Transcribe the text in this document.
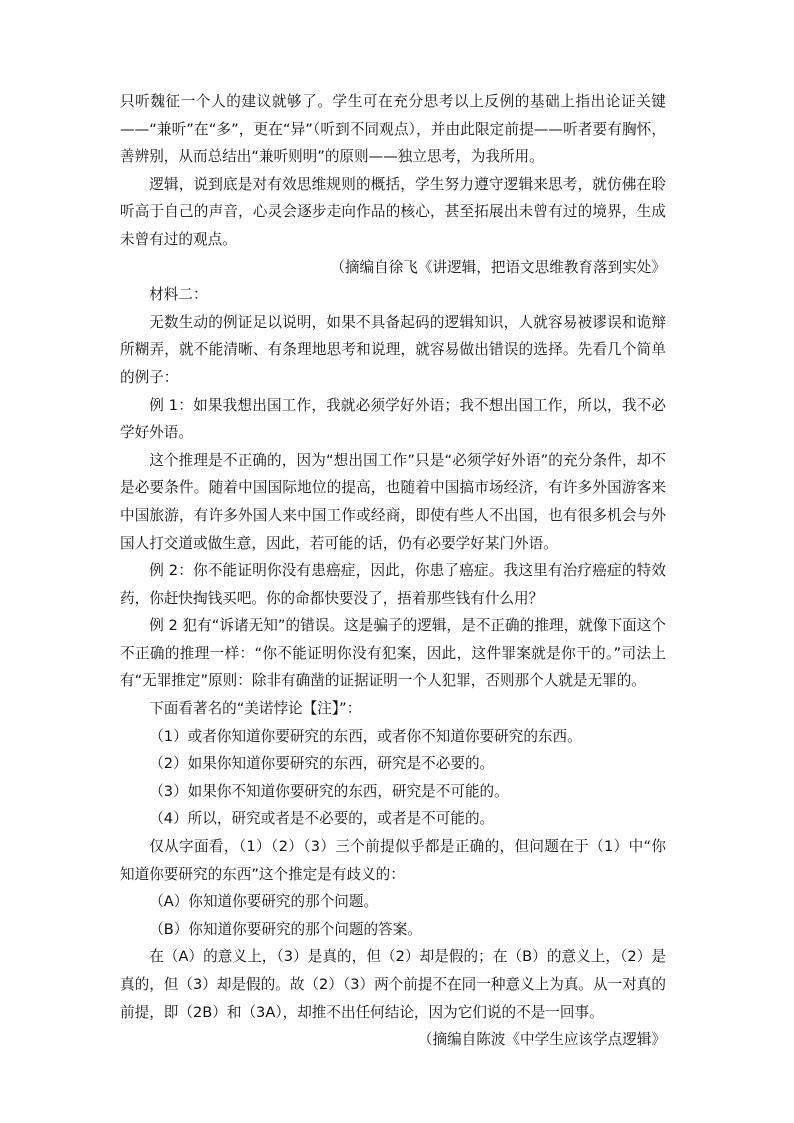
只听魏征一个人的建议就够了。学生可在充分思考以上反例的基础上指出论证关键——“兼听”在“多”，更在“异”（听到不同观点），并由此限定前提——听者要有胸怀，善辨别，从而总结出“兼听则明”的原则——独立思考，为我所用。

逻辑，说到底是对有效思维规则的概括，学生努力遵守逻辑来思考，就仿佛在聆听高于自己的声音，心灵会逐步走向作品的核心，甚至拓展出未曾有过的境界，生成未曾有过的观点。

（摘编自徐飞《讲逻辑，把语文思维教育落到实处》

材料二：

无数生动的例证足以说明，如果不具备起码的逻辑知识，人就容易被谬误和诡辩所糊弄，就不能清晰、有条理地思考和说理，就容易做出错误的选择。先看几个简单的例子：

例 1：如果我想出国工作，我就必须学好外语；我不想出国工作，所以，我不必学好外语。

这个推理是不正确的，因为“想出国工作”只是“必须学好外语”的充分条件，却不是必要条件。随着中国国际地位的提高，也随着中国搞市场经济，有许多外国游客来中国旅游，有许多外国人来中国工作或经商，即使有些人不出国，也有很多机会与外国人打交道或做生意，因此，若可能的话，仍有必要学好某门外语。

例 2：你不能证明你没有患癌症，因此，你患了癌症。我这里有治疗癌症的特效药，你赶快掏钱买吧。你的命都快要没了，捂着那些钱有什么用？

例 2 犯有“诉诸无知”的错误。这是骗子的逻辑，是不正确的推理，就像下面这个不正确的推理一样：“你不能证明你没有犯案，因此，这件罪案就是你干的。”司法上有“无罪推定”原则：除非有确凿的证据证明一个人犯罪，否则那个人就是无罪的。

下面看著名的“美诺悖论【注】”：

（1）或者你知道你要研究的东西，或者你不知道你要研究的东西。

（2）如果你知道你要研究的东西，研究是不必要的。

（3）如果你不知道你要研究的东西，研究是不可能的。

（4）所以，研究或者是不必要的，或者是不可能的。

仅从字面看，（1）（2）（3）三个前提似乎都是正确的，但问题在于（1）中“你知道你要研究的东西”这个推定是有歧义的：

（A）你知道你要研究的那个问题。

（B）你知道你要研究的那个问题的答案。

在（A）的意义上，（3）是真的，但（2）却是假的；在（B）的意义上，（2）是真的，但（3）却是假的。故（2）（3）两个前提不在同一种意义上为真。从一对真的前提，即（2B）和（3A），却推不出任何结论，因为它们说的不是一回事。

（摘编自陈波《中学生应该学点逻辑》
